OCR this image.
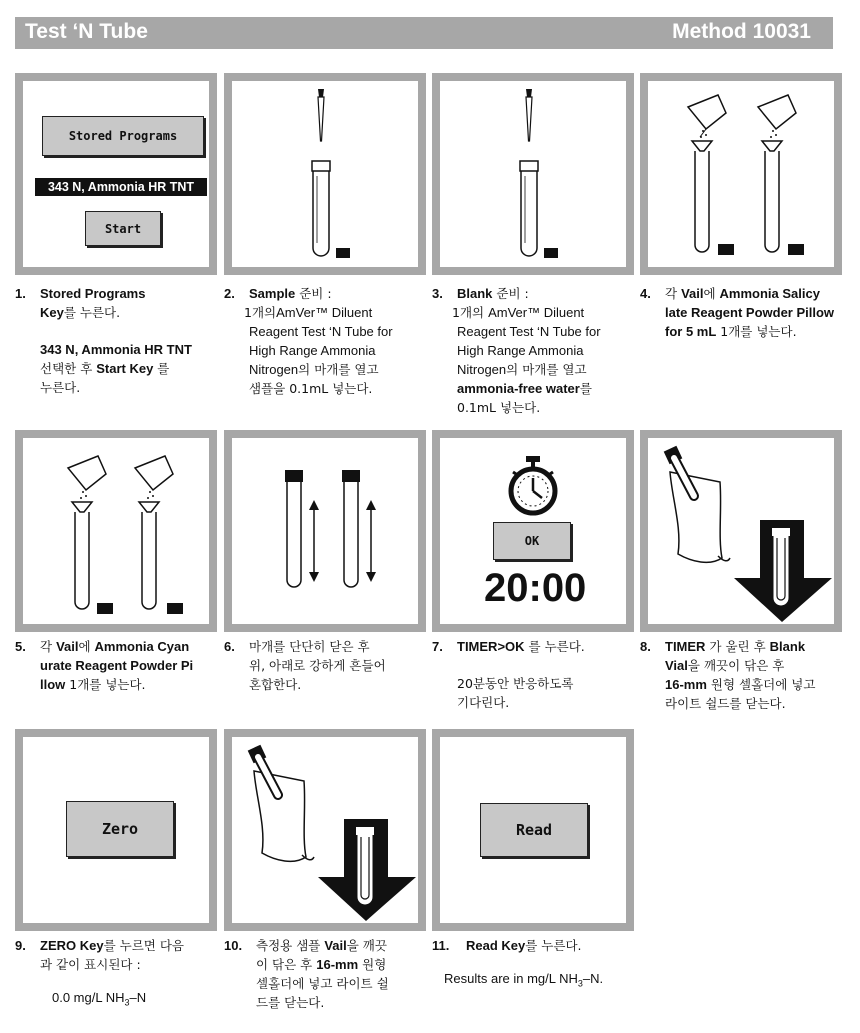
Test ‘N Tube	Method 10031
Stored Programs
343 N, Ammonia HR TNT
Start
1. Stored Programs
Key를 누른다.
343 N, Ammonia HR TNT
선택한 후 Start Key 를
누른다.
2. Sample 준비 :
1개의AmVer™ Diluent
Reagent Test ‘N Tube for
High Range Ammonia
Nitrogen의 마개를 열고
샘플을 0.1mL 넣는다.
3. Blank 준비 :
1개의 AmVer™ Diluent
Reagent Test ‘N Tube for
High Range Ammonia
Nitrogen의 마개를 열고
ammonia-free water를
0.1mL 넣는다.
4. 각 Vail에 Ammonia Salicy
late Reagent Powder Pillow
for 5 mL 1개를 넣는다.
OK
20:00
5. 각 Vail에 Ammonia Cyan
urate Reagent Powder Pi
llow 1개를 넣는다.
6. 마개를 단단히 닫은 후
위, 아래로 강하게 흔들어
혼합한다.
7. TIMER>OK 를 누른다.
20분동안 반응하도록
기다린다.
8. TIMER 가 울린 후 Blank
Vial을 깨끗이 닦은 후
16-mm 원형 셀홀더에 넣고
라이트 쉴드를 닫는다.
Zero	Read
9. ZERO Key를 누르면 다음
과 같이 표시된다 :
0.0 mg/L $NH_3-N$
10. 측정용 샘플 Vail을 깨끗
이 닦은 후 16-mm 원형
셀홀더에 넣고 라이트 쉴
드를 닫는다.
11. Read Key를 누른다.
Results are in mg/L $NH_3-N$.
